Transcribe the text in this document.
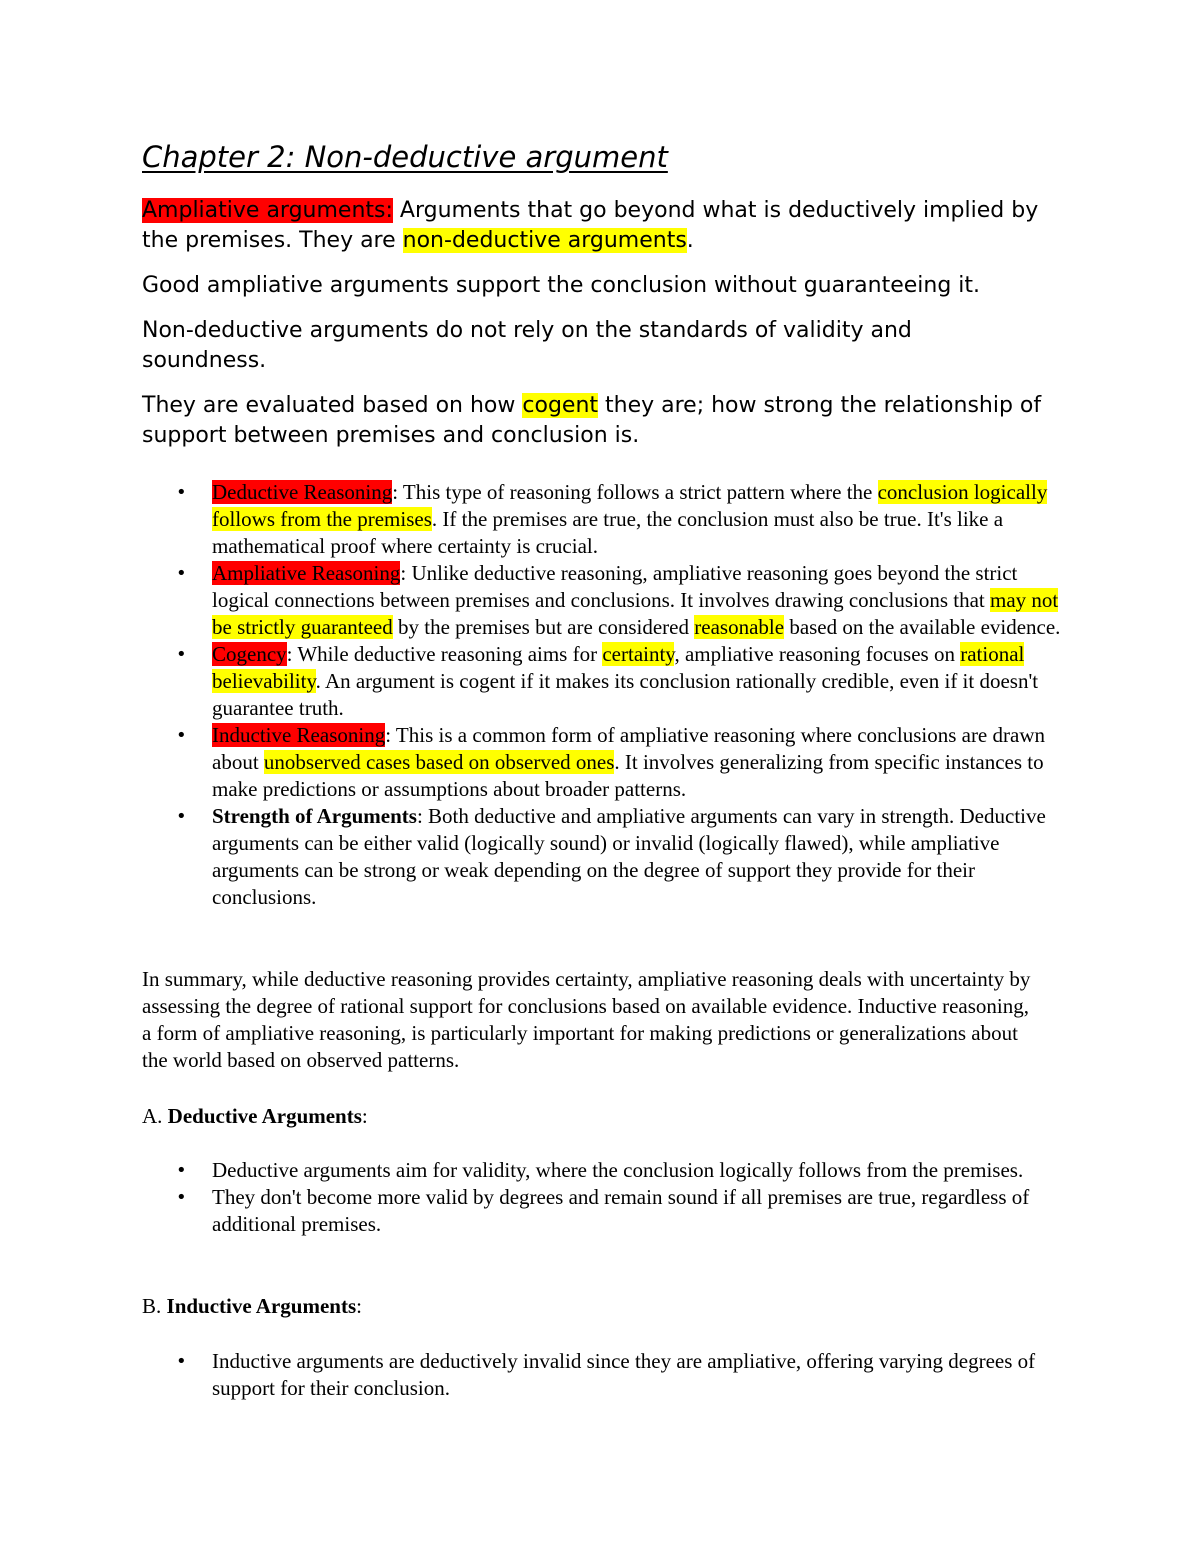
Chapter 2: Non-deductive argument

Ampliative arguments: Arguments that go beyond what is deductively implied by the premises. They are non-deductive arguments.

Good ampliative arguments support the conclusion without guaranteeing it.

Non-deductive arguments do not rely on the standards of validity and soundness.

They are evaluated based on how cogent they are; how strong the relationship of support between premises and conclusion is.

• Deductive Reasoning: This type of reasoning follows a strict pattern where the conclusion logically follows from the premises. If the premises are true, the conclusion must also be true. It's like a mathematical proof where certainty is crucial.
• Ampliative Reasoning: Unlike deductive reasoning, ampliative reasoning goes beyond the strict logical connections between premises and conclusions. It involves drawing conclusions that may not be strictly guaranteed by the premises but are considered reasonable based on the available evidence.
• Cogency: While deductive reasoning aims for certainty, ampliative reasoning focuses on rational believability. An argument is cogent if it makes its conclusion rationally credible, even if it doesn't guarantee truth.
• Inductive Reasoning: This is a common form of ampliative reasoning where conclusions are drawn about unobserved cases based on observed ones. It involves generalizing from specific instances to make predictions or assumptions about broader patterns.
• Strength of Arguments: Both deductive and ampliative arguments can vary in strength. Deductive arguments can be either valid (logically sound) or invalid (logically flawed), while ampliative arguments can be strong or weak depending on the degree of support they provide for their conclusions.

In summary, while deductive reasoning provides certainty, ampliative reasoning deals with uncertainty by assessing the degree of rational support for conclusions based on available evidence. Inductive reasoning, a form of ampliative reasoning, is particularly important for making predictions or generalizations about the world based on observed patterns.

A. Deductive Arguments:

• Deductive arguments aim for validity, where the conclusion logically follows from the premises.
• They don't become more valid by degrees and remain sound if all premises are true, regardless of additional premises.

B. Inductive Arguments:

• Inductive arguments are deductively invalid since they are ampliative, offering varying degrees of support for their conclusion.
